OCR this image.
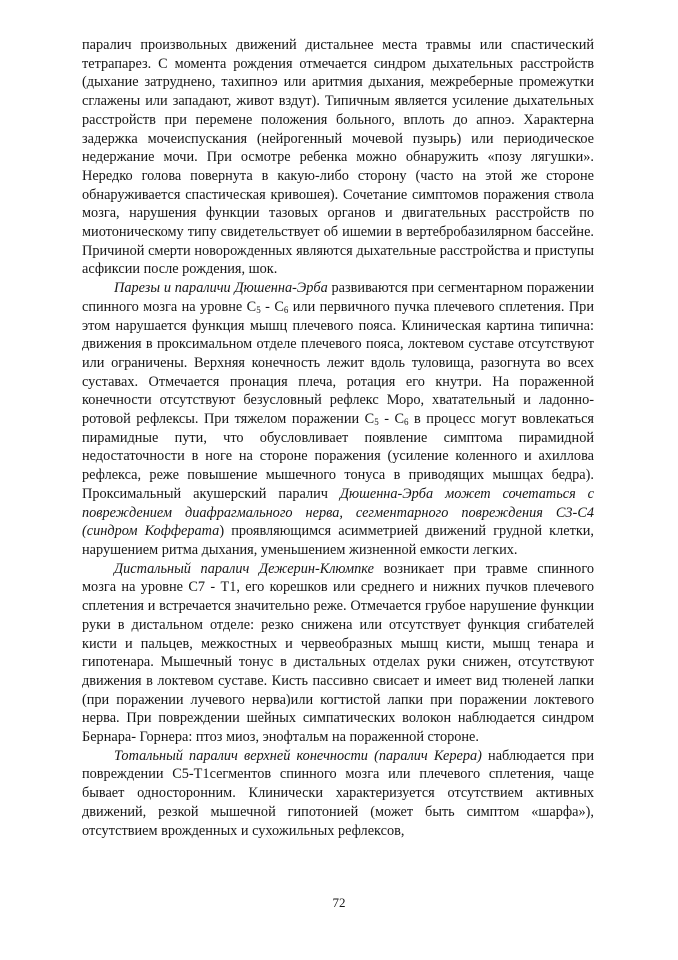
паралич произвольных движений дистальнее места травмы или спастический тетрапарез. С момента рождения отмечается синдром дыхательных расстройств (дыхание затруднено, тахипноэ или аритмия дыхания, межреберные промежутки сглажены или западают, живот вздут). Типичным является усиление дыхательных расстройств при перемене положения больного, вплоть до апноэ. Характерна задержка мочеиспускания (нейрогенный мочевой пузырь) или периодическое недержание мочи. При осмотре ребенка можно обнаружить «позу лягушки». Нередко голова повернута в какую-либо сторону (часто на этой же стороне обнаруживается спастическая кривошея). Сочетание симптомов поражения ствола мозга, нарушения функции тазовых органов и двигательных расстройств по миотоническому типу свидетельствует об ишемии в вертебробазилярном бассейне. Причиной смерти новорожденных являются дыхательные расстройства и приступы асфиксии после рождения, шок.

Парезы и параличи Дюшенна-Эрба развиваются при сегментарном поражении спинного мозга на уровне $C_5 - C_6$ или первичного пучка плечевого сплетения. При этом нарушается функция мышц плечевого пояса. Клиническая картина типична: движения в проксимальном отделе плечевого пояса, локтевом суставе отсутствуют или ограничены. Верхняя конечность лежит вдоль туловища, разогнута во всех суставах. Отмечается пронация плеча, ротация его кнутри. На пораженной конечности отсутствуют безусловный рефлекс Моро, хватательный и ладонно-ротовой рефлексы. При тяжелом поражении $C_5 - C_6$ в процесс могут вовлекаться пирамидные пути, что обусловливает появление симптома пирамидной недостаточности в ноге на стороне поражения (усиление коленного и ахиллова рефлекса, реже повышение мышечного тонуса в приводящих мышцах бедра). Проксимальный акушерский паралич Дюшенна-Эрба может сочетаться с повреждением диафрагмального нерва, сегментарного повреждения С3-С4 (синдром Кофферата) проявляющимся асимметрией движений грудной клетки, нарушением ритма дыхания, уменьшением жизненной емкости легких.

Дистальный паралич Дежерин-Клюмпке возникает при травме спинного мозга на уровне С7 - Т1, его корешков или среднего и нижних пучков плечевого сплетения и встречается значительно реже. Отмечается грубое нарушение функции руки в дистальном отделе: резко снижена или отсутствует функция сгибателей кисти и пальцев, межкостных и червеобразных мышц кисти, мышц тенара и гипотенара. Мышечный тонус в дистальных отделах руки снижен, отсутствуют движения в локтевом суставе. Кисть пассивно свисает и имеет вид тюленей лапки (при поражении лучевого нерва)или когтистой лапки при поражении локтевого нерва. При повреждении шейных симпатических волокон наблюдается синдром Бернара- Горнера: птоз миоз, энофтальм на пораженной стороне.

Тотальный паралич верхней конечности (паралич Керера) наблюдается при повреждении С5-Т1сегментов спинного мозга или плечевого сплетения, чаще бывает односторонним. Клинически характеризуется отсутствием активных движений, резкой мышечной гипотонией (может быть симптом «шарфа»), отсутствием врожденных и сухожильных рефлексов,

72
